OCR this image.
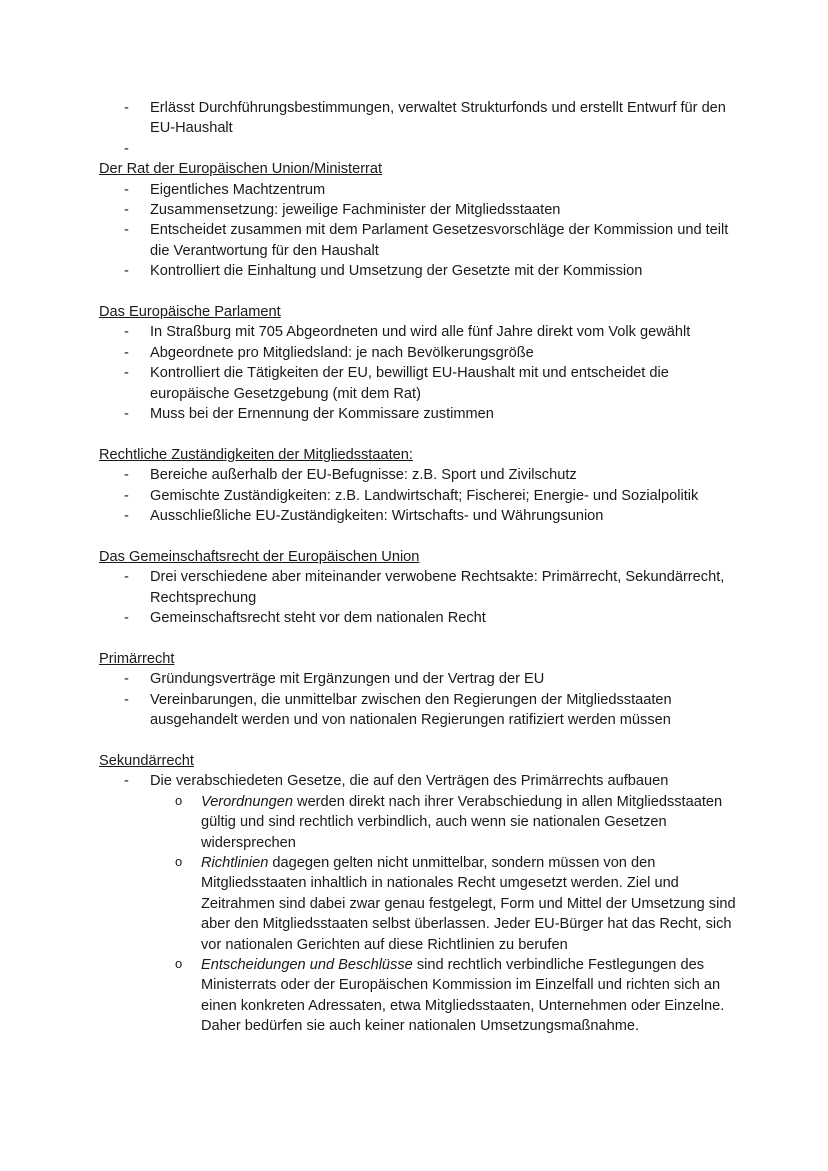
- Erlässt Durchführungsbestimmungen, verwaltet Strukturfonds und erstellt Entwurf für den EU-Haushalt
-

Der Rat der Europäischen Union/Ministerrat

- Eigentliches Machtzentrum
- Zusammensetzung: jeweilige Fachminister der Mitgliedsstaaten
- Entscheidet zusammen mit dem Parlament Gesetzesvorschläge der Kommission und teilt die Verantwortung für den Haushalt
- Kontrolliert die Einhaltung und Umsetzung der Gesetzte mit der Kommission

Das Europäische Parlament

- In Straßburg mit 705 Abgeordneten und wird alle fünf Jahre direkt vom Volk gewählt
- Abgeordnete pro Mitgliedsland: je nach Bevölkerungsgröße
- Kontrolliert die Tätigkeiten der EU, bewilligt EU-Haushalt mit und entscheidet die europäische Gesetzgebung (mit dem Rat)
- Muss bei der Ernennung der Kommissare zustimmen

Rechtliche Zuständigkeiten der Mitgliedsstaaten:

- Bereiche außerhalb der EU-Befugnisse: z.B. Sport und Zivilschutz
- Gemischte Zuständigkeiten: z.B. Landwirtschaft; Fischerei; Energie- und Sozialpolitik
- Ausschließliche EU-Zuständigkeiten: Wirtschafts- und Währungsunion

Das Gemeinschaftsrecht der Europäischen Union

- Drei verschiedene aber miteinander verwobene Rechtsakte: Primärrecht, Sekundärrecht, Rechtsprechung
- Gemeinschaftsrecht steht vor dem nationalen Recht

Primärrecht

- Gründungsverträge mit Ergänzungen und der Vertrag der EU
- Vereinbarungen, die unmittelbar zwischen den Regierungen der Mitgliedsstaaten ausgehandelt werden und von nationalen Regierungen ratifiziert werden müssen

Sekundärrecht

- Die verabschiedeten Gesetze, die auf den Verträgen des Primärrechts aufbauen
o Verordnungen werden direkt nach ihrer Verabschiedung in allen Mitgliedsstaaten gültig und sind rechtlich verbindlich, auch wenn sie nationalen Gesetzen widersprechen
o Richtlinien dagegen gelten nicht unmittelbar, sondern müssen von den Mitgliedsstaaten inhaltlich in nationales Recht umgesetzt werden. Ziel und Zeitrahmen sind dabei zwar genau festgelegt, Form und Mittel der Umsetzung sind aber den Mitgliedsstaaten selbst überlassen. Jeder EU-Bürger hat das Recht, sich vor nationalen Gerichten auf diese Richtlinien zu berufen
o Entscheidungen und Beschlüsse sind rechtlich verbindliche Festlegungen des Ministerrats oder der Europäischen Kommission im Einzelfall und richten sich an einen konkreten Adressaten, etwa Mitgliedsstaaten, Unternehmen oder Einzelne. Daher bedürfen sie auch keiner nationalen Umsetzungsmaßnahme.
